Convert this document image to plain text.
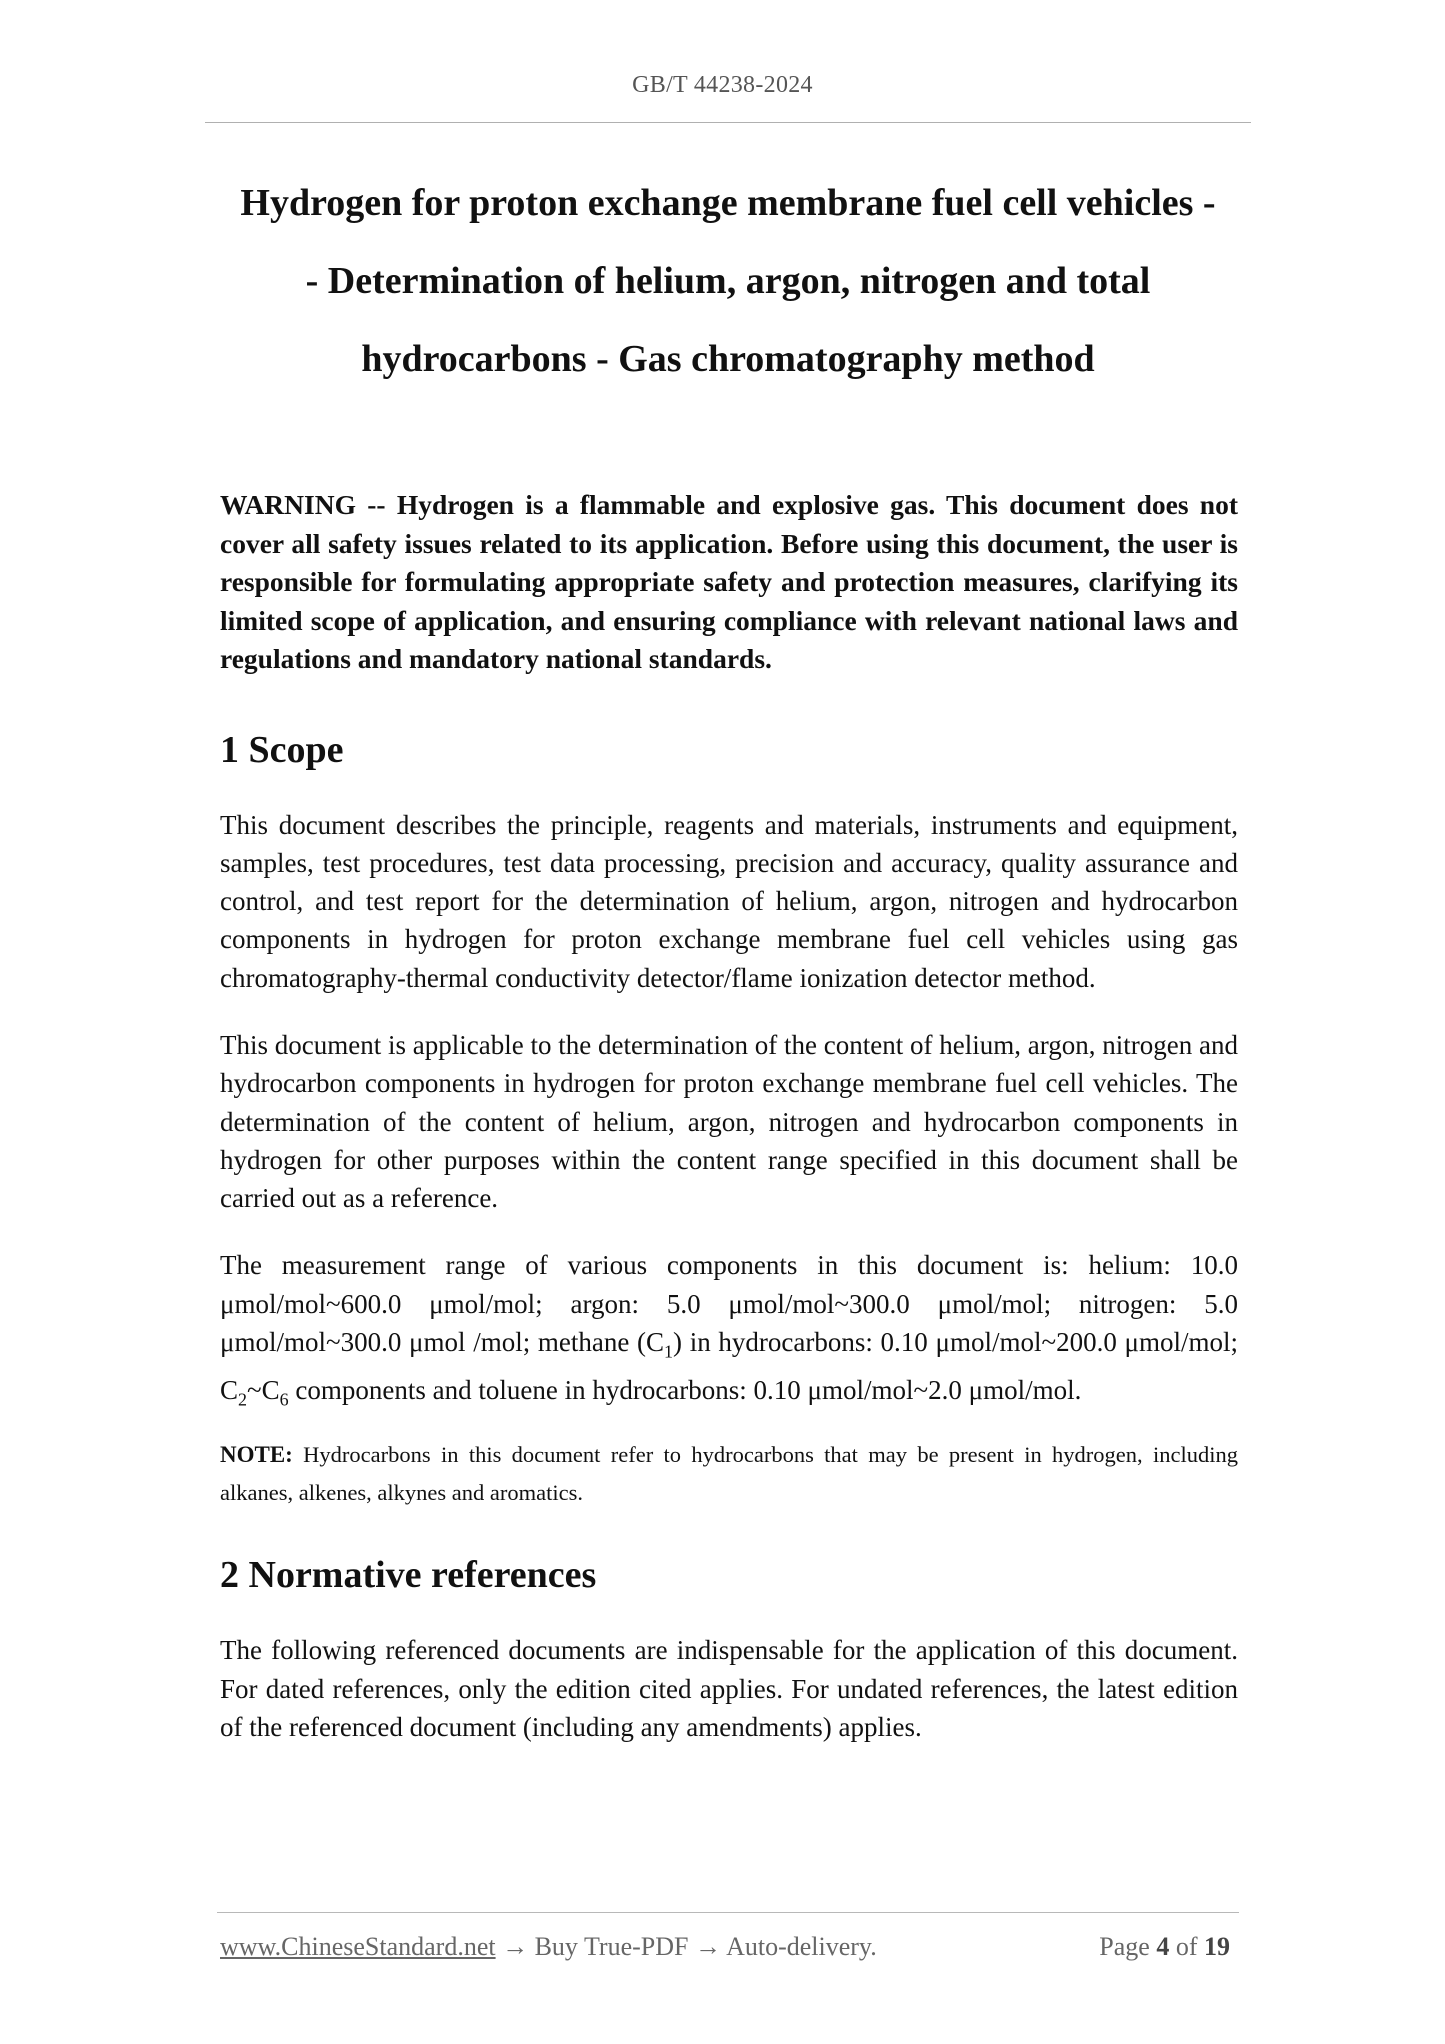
GB/T 44238-2024
Hydrogen for proton exchange membrane fuel cell vehicles -
- Determination of helium, argon, nitrogen and total
hydrocarbons - Gas chromatography method

WARNING -- Hydrogen is a flammable and explosive gas. This document does not cover all safety issues related to its application. Before using this document, the user is responsible for formulating appropriate safety and protection measures, clarifying its limited scope of application, and ensuring compliance with relevant national laws and regulations and mandatory national standards.

1 Scope

This document describes the principle, reagents and materials, instruments and equipment, samples, test procedures, test data processing, precision and accuracy, quality assurance and control, and test report for the determination of helium, argon, nitrogen and hydrocarbon components in hydrogen for proton exchange membrane fuel cell vehicles using gas chromatography-thermal conductivity detector/flame ionization detector method.

This document is applicable to the determination of the content of helium, argon, nitrogen and hydrocarbon components in hydrogen for proton exchange membrane fuel cell vehicles. The determination of the content of helium, argon, nitrogen and hydrocarbon components in hydrogen for other purposes within the content range specified in this document shall be carried out as a reference.

The measurement range of various components in this document is: helium: 10.0 μmol/mol~600.0 μmol/mol; argon: 5.0 μmol/mol~300.0 μmol/mol; nitrogen: 5.0 μmol/mol~300.0 μmol /mol; methane $(C_1)$ in hydrocarbons: 0.10 μmol/mol~200.0 μmol/mol; $C_2\sim C_6$ components and toluene in hydrocarbons: 0.10 μmol/mol~2.0 μmol/mol.

NOTE: Hydrocarbons in this document refer to hydrocarbons that may be present in hydrogen, including alkanes, alkenes, alkynes and aromatics.

2 Normative references

The following referenced documents are indispensable for the application of this document. For dated references, only the edition cited applies. For undated references, the latest edition of the referenced document (including any amendments) applies.

www.ChineseStandard.net → Buy True-PDF → Auto-delivery.	Page 4 of 19
